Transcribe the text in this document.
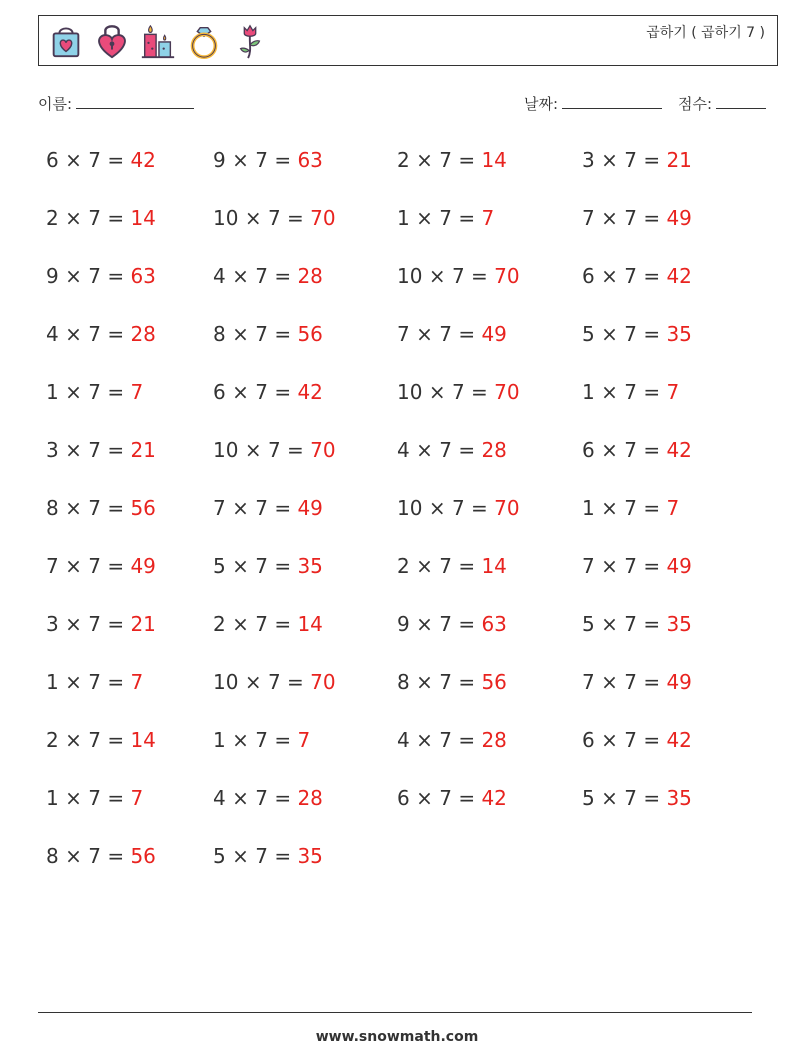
곱하기 ( 곱하기 7 )
이름:	날짜:	점수:
6 × 7 = 42	9 × 7 = 63	2 × 7 = 14	3 × 7 = 21
2 × 7 = 14	10 × 7 = 70	1 × 7 = 7	7 × 7 = 49
9 × 7 = 63	4 × 7 = 28	10 × 7 = 70	6 × 7 = 42
4 × 7 = 28	8 × 7 = 56	7 × 7 = 49	5 × 7 = 35
1 × 7 = 7	6 × 7 = 42	10 × 7 = 70	1 × 7 = 7
3 × 7 = 21	10 × 7 = 70	4 × 7 = 28	6 × 7 = 42
8 × 7 = 56	7 × 7 = 49	10 × 7 = 70	1 × 7 = 7
7 × 7 = 49	5 × 7 = 35	2 × 7 = 14	7 × 7 = 49
3 × 7 = 21	2 × 7 = 14	9 × 7 = 63	5 × 7 = 35
1 × 7 = 7	10 × 7 = 70	8 × 7 = 56	7 × 7 = 49
2 × 7 = 14	1 × 7 = 7	4 × 7 = 28	6 × 7 = 42
1 × 7 = 7	4 × 7 = 28	6 × 7 = 42	5 × 7 = 35
8 × 7 = 56	5 × 7 = 35
www.snowmath.com
